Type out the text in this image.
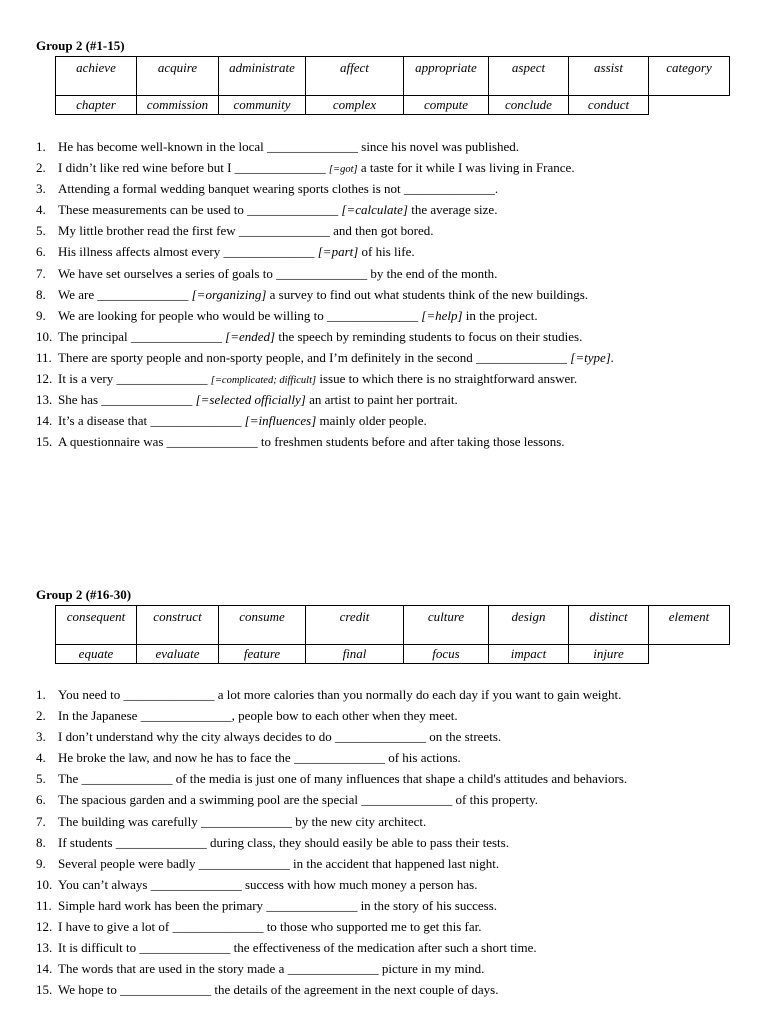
Group 2 (#1-15)
achieve	acquire	administrate	affect	appropriate	aspect	assist	category
chapter	commission	community	complex	compute	conclude	conduct	
1. He has become well-known in the local ______________ since his novel was published.
2. I didn’t like red wine before but I ______________ [=got] a taste for it while I was living in France.
3. Attending a formal wedding banquet wearing sports clothes is not ______________.
4. These measurements can be used to ______________ [=calculate] the average size.
5. My little brother read the first few ______________ and then got bored.
6. His illness affects almost every ______________ [=part] of his life.
7. We have set ourselves a series of goals to ______________ by the end of the month.
8. We are ______________ [=organizing] a survey to find out what students think of the new buildings.
9. We are looking for people who would be willing to ______________ [=help] in the project.
10. The principal ______________ [=ended] the speech by reminding students to focus on their studies.
11. There are sporty people and non-sporty people, and I’m definitely in the second ______________ [=type].
12. It is a very ______________ [=complicated; difficult] issue to which there is no straightforward answer.
13. She has ______________ [=selected officially] an artist to paint her portrait.
14. It’s a disease that ______________ [=influences] mainly older people.
15. A questionnaire was ______________ to freshmen students before and after taking those lessons.
Group 2 (#16-30)
consequent	construct	consume	credit	culture	design	distinct	element
equate	evaluate	feature	final	focus	impact	injure	
1. You need to ______________ a lot more calories than you normally do each day if you want to gain weight.
2. In the Japanese ______________, people bow to each other when they meet.
3. I don’t understand why the city always decides to do ______________ on the streets.
4. He broke the law, and now he has to face the ______________ of his actions.
5. The ______________ of the media is just one of many influences that shape a child's attitudes and behaviors.
6. The spacious garden and a swimming pool are the special ______________ of this property.
7. The building was carefully ______________ by the new city architect.
8. If students ______________ during class, they should easily be able to pass their tests.
9. Several people were badly ______________ in the accident that happened last night.
10. You can’t always ______________ success with how much money a person has.
11. Simple hard work has been the primary ______________ in the story of his success.
12. I have to give a lot of ______________ to those who supported me to get this far.
13. It is difficult to ______________ the effectiveness of the medication after such a short time.
14. The words that are used in the story made a ______________ picture in my mind.
15. We hope to ______________ the details of the agreement in the next couple of days.
